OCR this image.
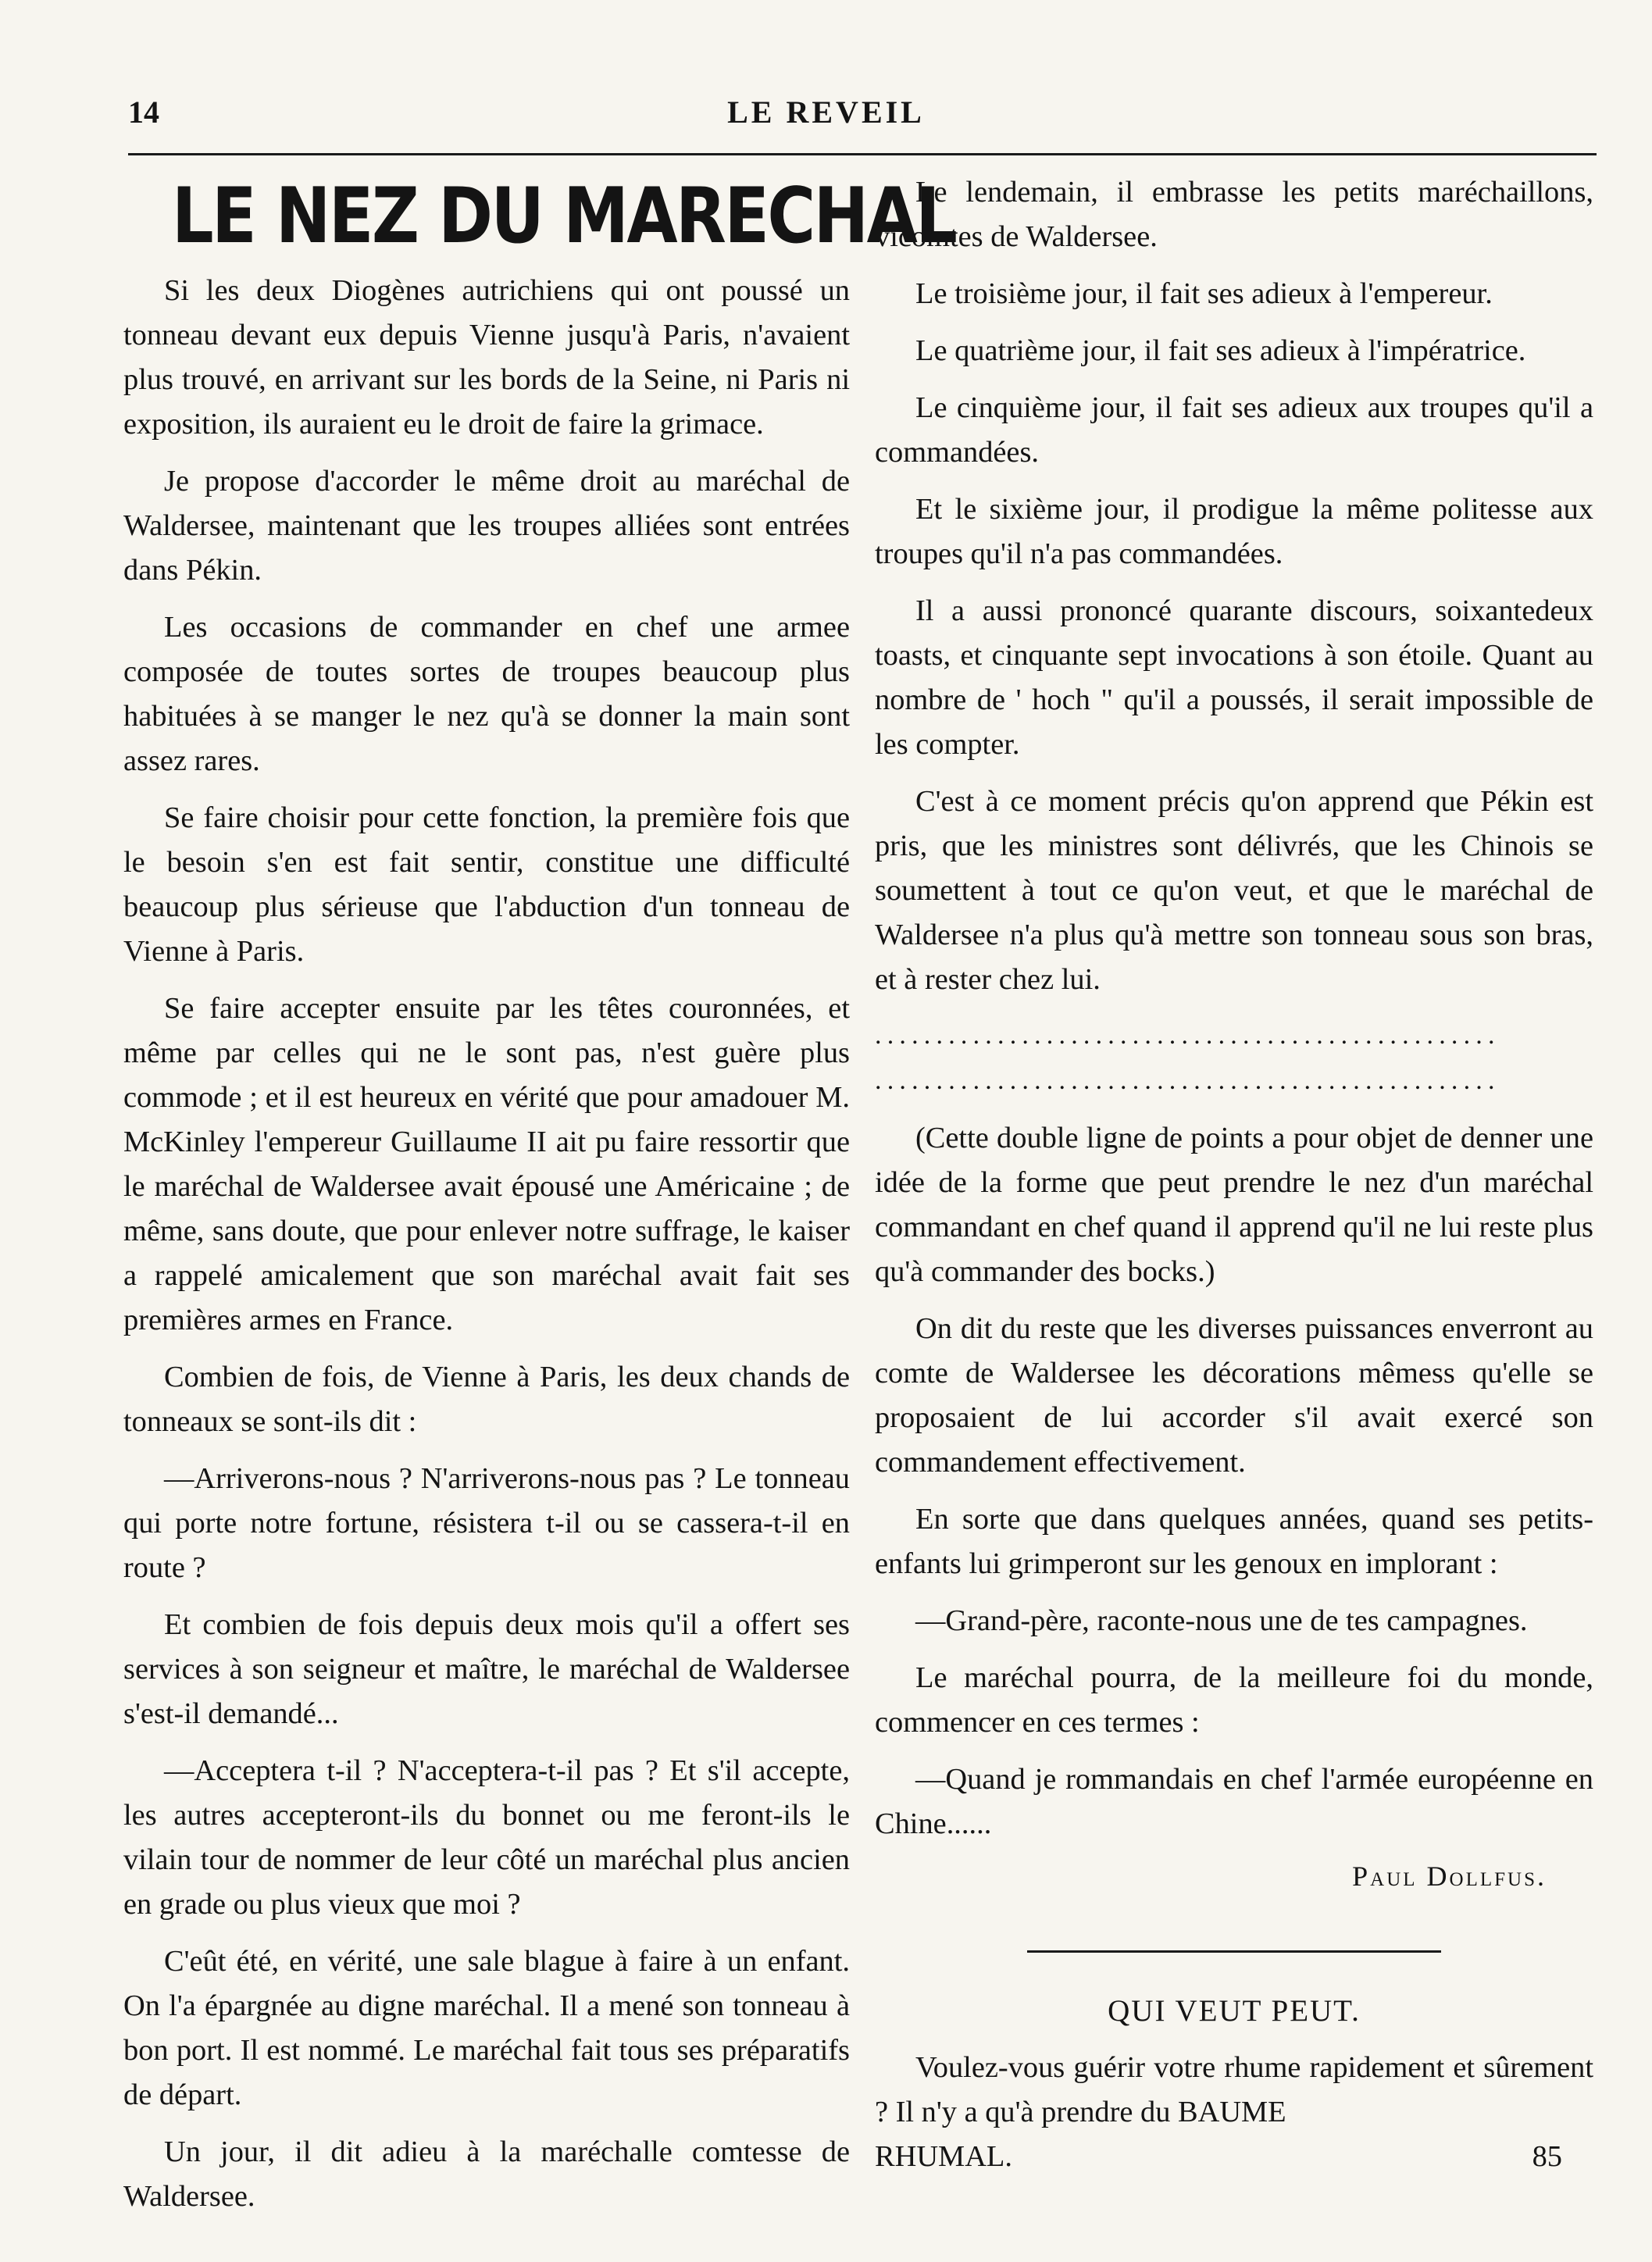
14	LE REVEIL
LE NEZ DU MARECHAL

Si les deux Diogènes autrichiens qui ont poussé un tonneau devant eux depuis Vienne jusqu'à Paris, n'avaient plus trouvé, en arrivant sur les bords de la Seine, ni Paris ni exposition, ils auraient eu le droit de faire la grimace.

Je propose d'accorder le même droit au maréchal de Waldersee, maintenant que les troupes alliées sont entrées dans Pékin.

Les occasions de commander en chef une armee composée de toutes sortes de troupes beaucoup plus habituées à se manger le nez qu'à se donner la main sont assez rares.

Se faire choisir pour cette fonction, la première fois que le besoin s'en est fait sentir, constitue une difficulté beaucoup plus sérieuse que l'abduction d'un tonneau de Vienne à Paris.

Se faire accepter ensuite par les têtes couronnées, et même par celles qui ne le sont pas, n'est guère plus commode ; et il est heureux en vérité que pour amadouer M. McKinley l'empereur Guillaume II ait pu faire ressortir que le maréchal de Waldersee avait épousé une Américaine ; de même, sans doute, que pour enlever notre suffrage, le kaiser a rappelé amicalement que son maréchal avait fait ses premières armes en France.

Combien de fois, de Vienne à Paris, les deux chands de tonneaux se sont-ils dit :

—Arriverons-nous ? N'arriverons-nous pas ? Le tonneau qui porte notre fortune, résistera t-il ou se cassera-t-il en route ?

Et combien de fois depuis deux mois qu'il a offert ses services à son seigneur et maître, le maréchal de Waldersee s'est-il demandé...

—Acceptera t-il ? N'acceptera-t-il pas ? Et s'il accepte, les autres accepteront-ils du bonnet ou me feront-ils le vilain tour de nommer de leur côté un maréchal plus ancien en grade ou plus vieux que moi ?

C'eût été, en vérité, une sale blague à faire à un enfant. On l'a épargnée au digne maréchal. Il a mené son tonneau à bon port. Il est nommé. Le maréchal fait tous ses préparatifs de départ.

Un jour, il dit adieu à la maréchalle comtesse de Waldersee.

Le lendemain, il embrasse les petits maréchaillons, vicomtes de Waldersee.

Le troisième jour, il fait ses adieux à l'empereur.

Le quatrième jour, il fait ses adieux à l'impératrice.

Le cinquième jour, il fait ses adieux aux troupes qu'il a commandées.

Et le sixième jour, il prodigue la même politesse aux troupes qu'il n'a pas commandées.

Il a aussi prononcé quarante discours, soixantedeux toasts, et cinquante sept invocations à son étoile. Quant au nombre de ' hoch " qu'il a poussés, il serait impossible de les compter.

C'est à ce moment précis qu'on apprend que Pékin est pris, que les ministres sont délivrés, que les Chinois se soumettent à tout ce qu'on veut, et que le maréchal de Waldersee n'a plus qu'à mettre son tonneau sous son bras, et à rester chez lui.

...................................................
...................................................

(Cette double ligne de points a pour objet de denner une idée de la forme que peut prendre le nez d'un maréchal commandant en chef quand il apprend qu'il ne lui reste plus qu'à commander des bocks.)

On dit du reste que les diverses puissances enverront au comte de Waldersee les décorations mêmess qu'elle se proposaient de lui accorder s'il avait exercé son commandement effectivement.

En sorte que dans quelques années, quand ses petits-enfants lui grimperont sur les genoux en implorant :

—Grand-père, raconte-nous une de tes campagnes.

Le maréchal pourra, de la meilleure foi du monde, commencer en ces termes :

—Quand je rommandais en chef l'armée européenne en Chine......

Paul Dollfus.
QUI VEUT PEUT.

Voulez-vous guérir votre rhume rapidement et sûrement ? Il n'y a qu'à prendre du BAUME

RHUMAL.	85
